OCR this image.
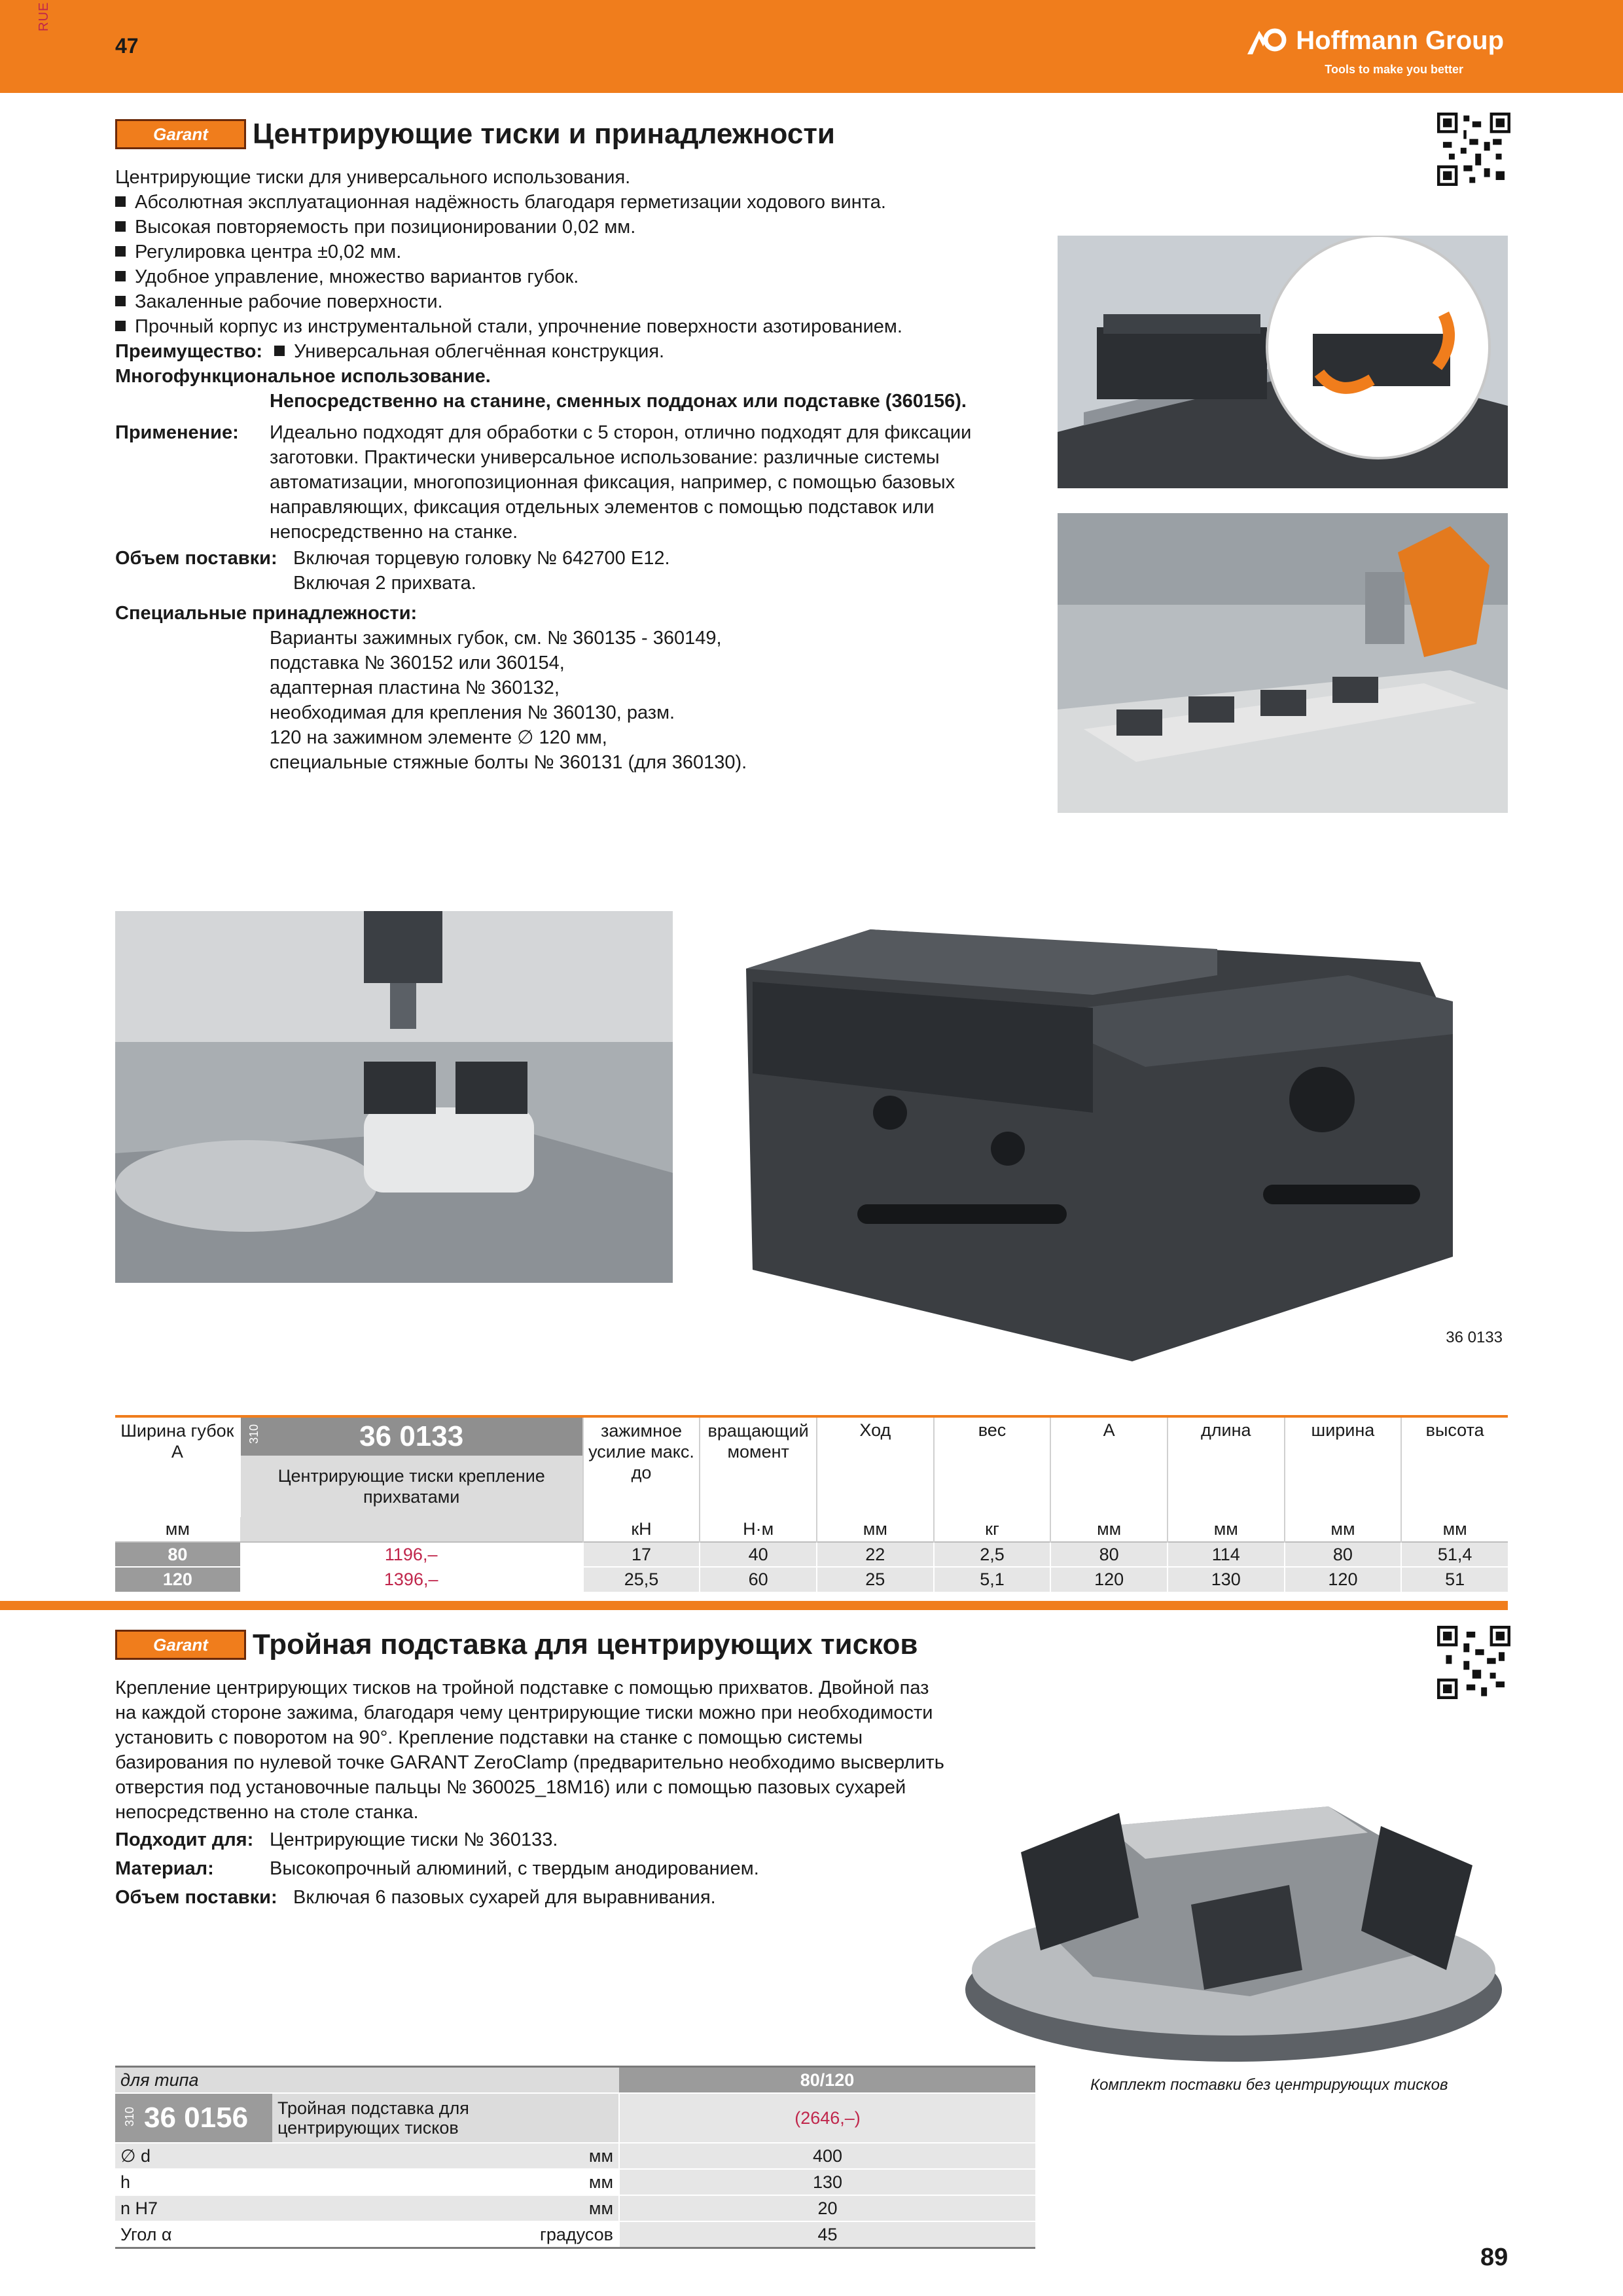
RUE
47	Hoffmann Group
Tools to make you better
Garant Центрирующие тиски и принадлежности
Центрирующие тиски для универсального использования.
Абсолютная эксплуатационная надёжность благодаря герметизации ходового винта.
Высокая повторяемость при позиционировании 0,02 мм.
Регулировка центра ±0,02 мм.
Удобное управление, множество вариантов губок.
Закаленные рабочие поверхности.
Прочный корпус из инструментальной стали, упрочнение поверхности азотированием.
Преимущество: Универсальная облегчённая конструкция.
Многофункциональное использование.
Непосредственно на станине, сменных поддонах или подставке (360156).
Применение: Идеально подходят для обработки с 5 сторон, отлично подходят для фиксации
заготовки. Практически универсальное использование: различные системы
автоматизации, многопозиционная фиксация, например, с помощью базовых
направляющих, фиксация отдельных элементов с помощью подставок или
непосредственно на станке.
Объем поставки: Включая торцевую головку № 642700 E12.
Включая 2 прихвата.
Специальные принадлежности:
Варианты зажимных губок, см. № 360135 - 360149,
подставка № 360152 или 360154,
адаптерная пластина № 360132,
необходимая для крепления № 360130, разм.
120 на зажимном элементе ∅ 120 мм,
специальные стяжные болты № 360131 (для 360130).
36 0133
Ширина губок A	310 36 0133	зажимное усилие макс. до	вращающий момент	Ход	вес	A	длина	ширина	высота
	Центрирующие тиски крепление прихватами								
мм		кН	Н·м	мм	кг	мм	мм	мм	мм
80	1196,–	17	40	22	2,5	80	114	80	51,4
120	1396,–	25,5	60	25	5,1	120	130	120	51
Garant Тройная подставка для центрирующих тисков
Крепление центрирующих тисков на тройной подставке с помощью прихватов. Двойной паз
на каждой стороне зажима, благодаря чему центрирующие тиски можно при необходимости
установить с поворотом на 90°. Крепление подставки на станке с помощью системы
базирования по нулевой точке GARANT ZeroClamp (предварительно необходимо высверлить
отверстия под установочные пальцы № 360025_18M16) или с помощью пазовых сухарей
непосредственно на столе станка.
Подходит для: Центрирующие тиски № 360133.
Материал:	Высокопрочный алюминий, с твердым анодированием.
Объем поставки: Включая 6 пазовых сухарей для выравнивания.
Комплект поставки без центрирующих тисков
для типа		80/120

310 36 0156	Тройная подставка для центрирующих тисков	(2646,–)
∅ d	мм	400
h	мм	130
n H7	мм	20
Угол α	градусов	45
89
